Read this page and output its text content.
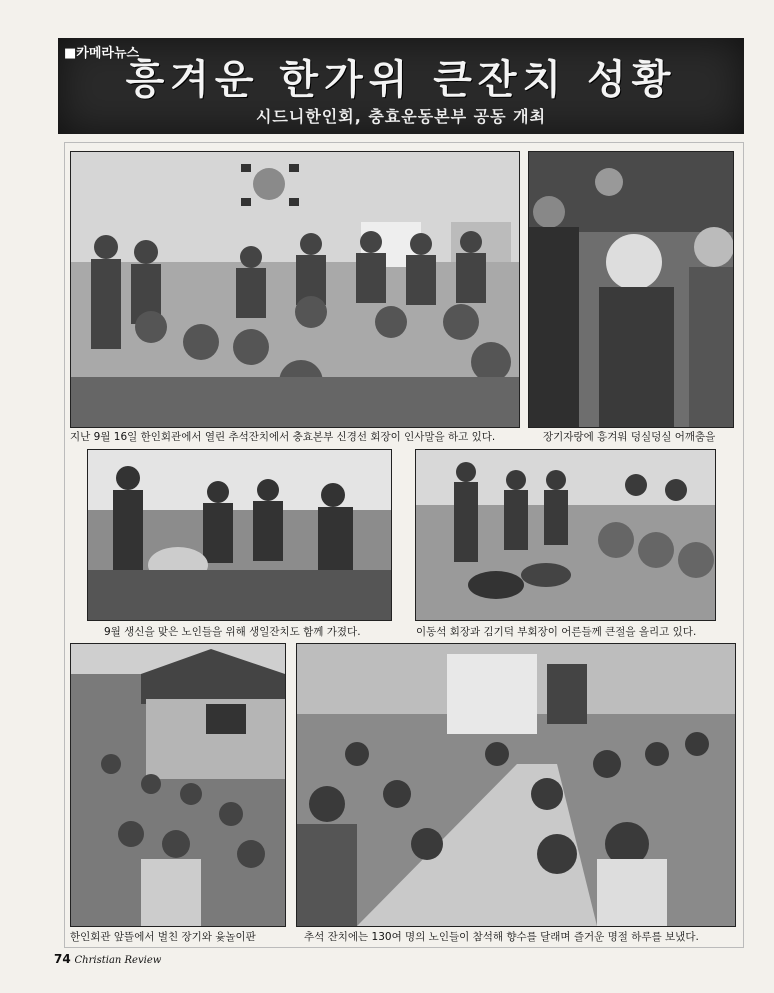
■카메라뉴스
흥겨운 한가위 큰잔치 성황
시드니한인회, 충효운동본부 공동 개최
지난 9월 16일 한인회관에서 열린 추석잔치에서 충효본부 신경선 회장이 인사말을 하고 있다.	장기자랑에 흥겨워 덩실덩실 어깨춤을
9월 생신을 맞은 노인들을 위해 생일잔치도 함께 가졌다.	이동석 회장과 김기덕 부회장이 어른들께 큰절을 올리고 있다.
한인회관 앞뜰에서 벌친 장기와 윷놀이판	추석 잔치에는 130여 명의 노인들이 참석해 향수를 달래며 즐거운 명절 하루를 보냈다.
74 Christian Review
